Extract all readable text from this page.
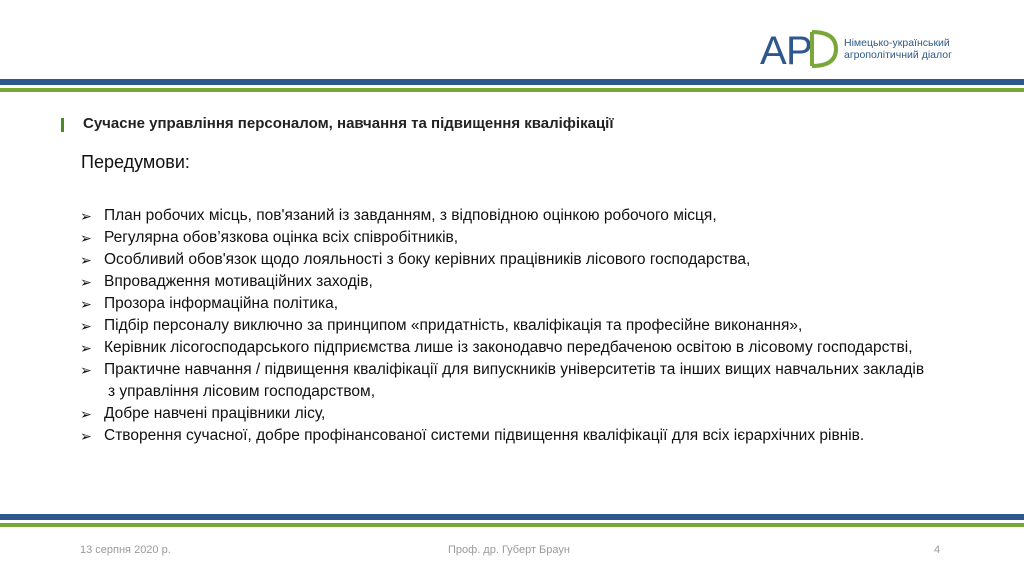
A P	Німецько-український
агрополітичний діалог
Сучасне управління персоналом, навчання та підвищення кваліфікації
Передумови:
➢ План робочих місць, пов'язаний із завданням, з відповідною оцінкою робочого місця,
➢ Регулярна обов’язкова оцінка всіх співробітників,
➢ Особливий обов'язок щодо лояльності з боку керівних працівників лісового господарства,
➢ Впровадження мотиваційних заходів,
➢ Прозора інформаційна політика,
➢ Підбір персоналу виключно за принципом «придатність, кваліфікація та професійне виконання»,
➢ Керівник лісогосподарського підприємства лише із законодавчо передбаченою освітою в лісовому господарстві,
➢ Практичне навчання / підвищення кваліфікації для випускників університетів та інших вищих навчальних закладів
з управління лісовим господарством,
➢ Добре навчені працівники лісу,
➢ Створення сучасної, добре профінансованої системи підвищення кваліфікації для всіх ієрархічних рівнів.
13 серпня 2020 р.	Проф. др. Губерт Браун	4
